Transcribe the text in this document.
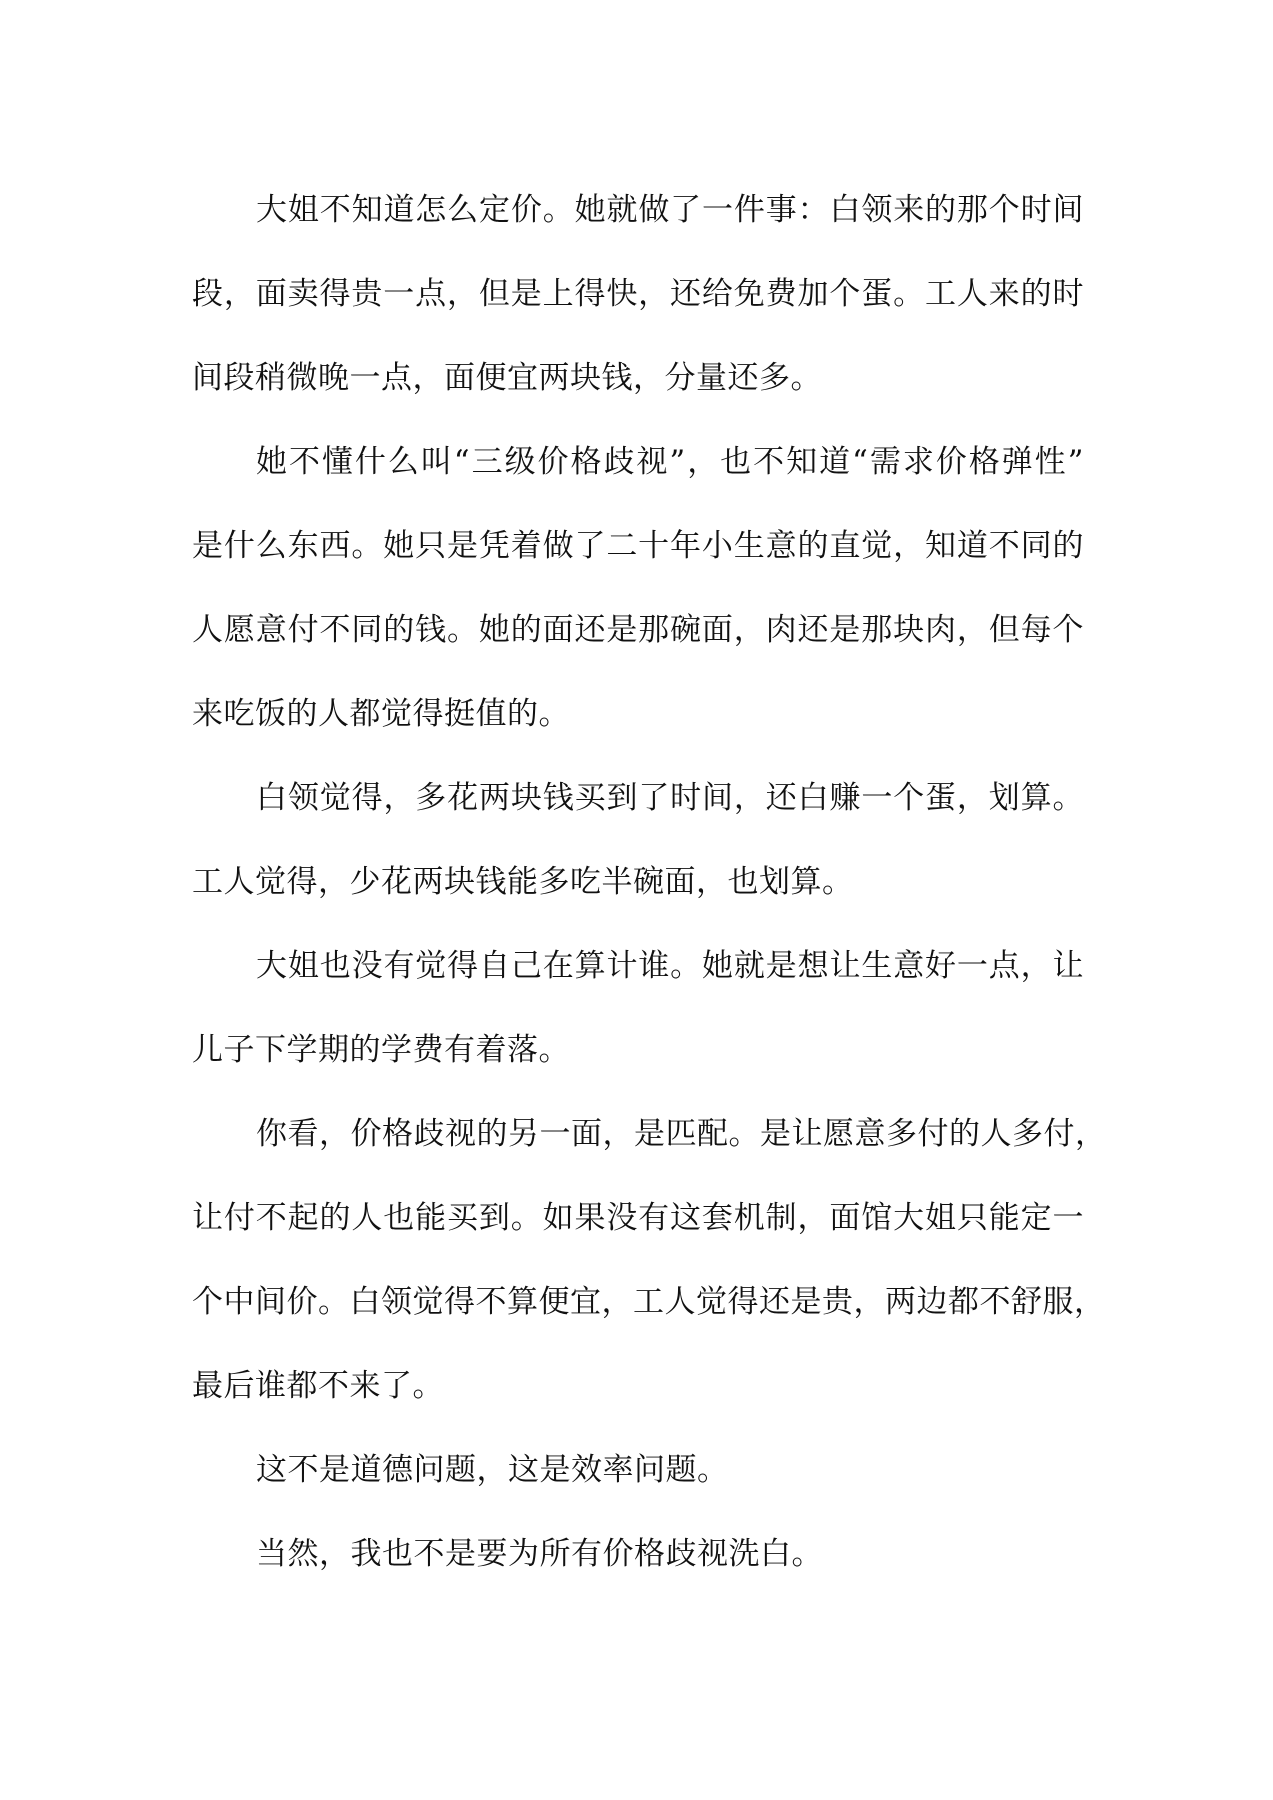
大姐不知道怎么定价。她就做了一件事：白领来的那个时间
段，面卖得贵一点，但是上得快，还给免费加个蛋。工人来的时
间段稍微晚一点，面便宜两块钱，分量还多。
她不懂什么叫“三级价格歧视”，也不知道“需求价格弹性”
是什么东西。她只是凭着做了二十年小生意的直觉，知道不同的
人愿意付不同的钱。她的面还是那碗面，肉还是那块肉，但每个
来吃饭的人都觉得挺值的。
白领觉得，多花两块钱买到了时间，还白赚一个蛋，划算。
工人觉得，少花两块钱能多吃半碗面，也划算。
大姐也没有觉得自己在算计谁。她就是想让生意好一点，让
儿子下学期的学费有着落。
你看，价格歧视的另一面，是匹配。是让愿意多付的人多付，
让付不起的人也能买到。如果没有这套机制，面馆大姐只能定一
个中间价。白领觉得不算便宜，工人觉得还是贵，两边都不舒服，
最后谁都不来了。
这不是道德问题，这是效率问题。
当然，我也不是要为所有价格歧视洗白。
